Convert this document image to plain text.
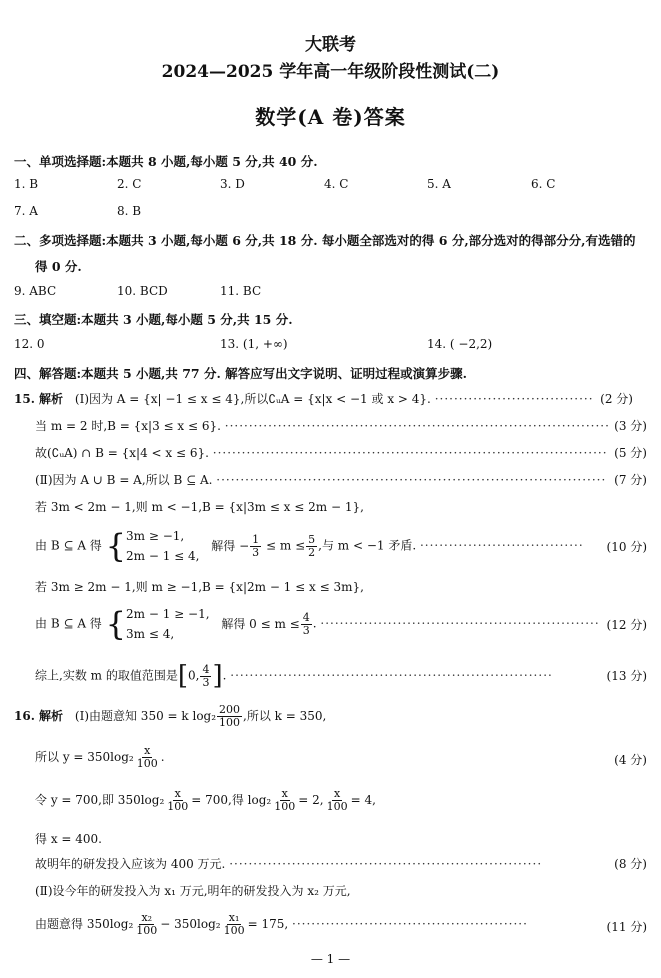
大联考
2024—2025 学年高一年级阶段性测试(二)
数学(A 卷)答案
一、单项选择题:本题共 8 小题,每小题 5 分,共 40 分.
1. B	2. C	3. D	4. C	5. A	6. C
7. A	8. B
二、多项选择题:本题共 3 小题,每小题 6 分,共 18 分. 每小题全部选对的得 6 分,部分选对的得部分分,有选错的
得 0 分.
9. ABC	10. BCD	11. BC
三、填空题:本题共 3 小题,每小题 5 分,共 15 分.
12. 0	13. (1, +∞)	14. ( −2,2)
四、解答题:本题共 5 小题,共 77 分. 解答应写出文字说明、证明过程或演算步骤.
15. 解析 (Ⅰ)因为 A = {x| −1 ≤ x ≤ 4},所以∁ᵤA = {x|x < −1 或 x > 4}. ································· (2 分)
当 m = 2 时,B = {x|3 ≤ x ≤ 6}. ················································································ (3 分)
故(∁ᵤA) ∩ B = {x|4 < x ≤ 6}. ·················································································· (5 分)
(Ⅱ)因为 A ∪ B = A,所以 B ⊆ A. ················································································· (7 分)
若 3m < 2m − 1,则 m < −1,B = {x|3m ≤ x ≤ 2m − 1},
由 B ⊆ A 得 { 3m ≥ −1,
2m − 1 ≤ 4,
解得 − $\frac{1}{3} \le m \le \frac{5}{2}$ ,与 m < −1 矛盾. ·································· (10 分)
若 3m ≥ 2m − 1,则 m ≥ −1,B = {x|2m − 1 ≤ x ≤ 3m},
由 B ⊆ A 得 { 2m − 1 ≥ −1,
3m ≤ 4,
解得 $0 \le m \le \frac{4}{3}$ . ·························································· (12 分)
综上,实数 m 的取值范围是[0, $\frac{4}{3}$ ]. ···································································	(13 分)
16. 解析 (Ⅰ)由题意知 350 = k $\log_2 \frac{200}{100}$ ,所以 k = 350,
所以 $y = 350\log_2 \frac{x}{100}$ .	(4 分)
令 y = 700,即 $350\log_2 \frac{x}{100} = 700$,得 $\log_2 \frac{x}{100} = 2$, $\frac{x}{100} = 4$,
得 x = 400.
故明年的研发投入应该为 400 万元. ·································································	(8 分)
(Ⅱ)设今年的研发投入为 x₁ 万元,明年的研发投入为 x₂ 万元,
由题意得 $350\log_2 \frac{\text{x₂}}{100} - 350\log_2 \frac{\text{x₁}}{100} = 175$, ·················································	(11 分)
— 1 —
